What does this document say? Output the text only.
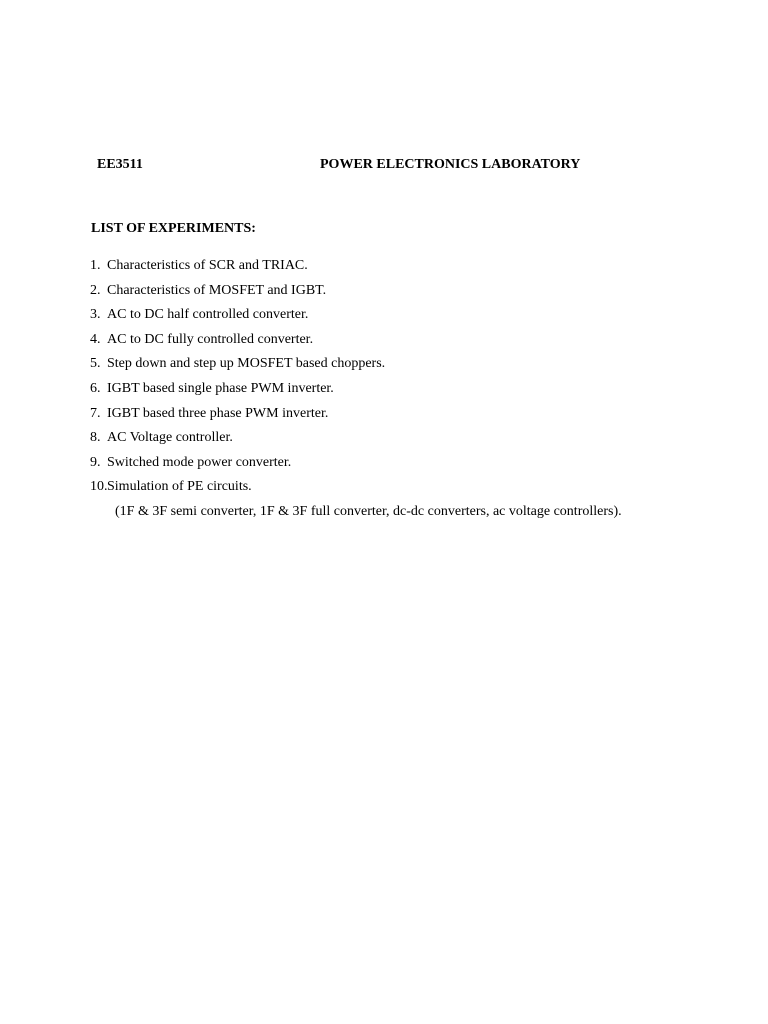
EE3511	POWER ELECTRONICS LABORATORY
LIST OF EXPERIMENTS:
1. Characteristics of SCR and TRIAC.
2. Characteristics of MOSFET and IGBT.
3. AC to DC half controlled converter.
4. AC to DC fully controlled converter.
5. Step down and step up MOSFET based choppers.
6. IGBT based single phase PWM inverter.
7. IGBT based three phase PWM inverter.
8. AC Voltage controller.
9. Switched mode power converter.
10. Simulation of PE circuits.
(1F & 3F semi converter, 1F & 3F full converter, dc-dc converters, ac voltage controllers).
